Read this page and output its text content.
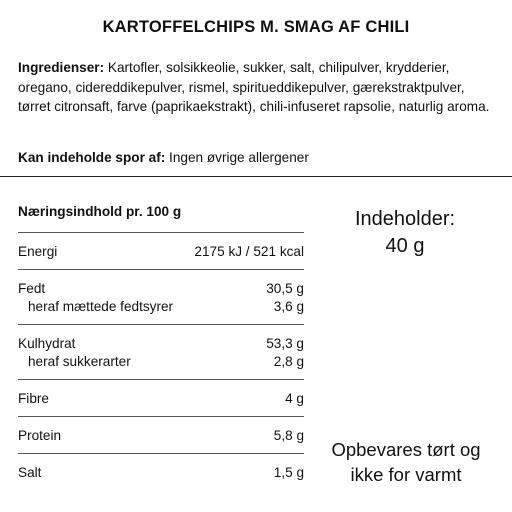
KARTOFFELCHIPS M. SMAG AF CHILI
Ingredienser: Kartofler, solsikkeolie, sukker, salt, chilipulver, krydderier, oregano, cidereddikepulver, rismel, spiritueddikepulver, gærekstraktpulver, tørret citronsaft, farve (paprikaekstrakt), chili-infuseret rapsolie, naturlig aroma.
Kan indeholde spor af: Ingen øvrige allergener
Næringsindhold pr. 100 g
Energi	2175 kJ / 521 kcal
Fedt	30,5 g
heraf mættede fedtsyrer	3,6 g
Kulhydrat	53,3 g
heraf sukkerarter	2,8 g
Fibre	4 g
Protein	5,8 g
Salt	1,5 g
Indeholder:
40 g
Opbevares tørt og
ikke for varmt
